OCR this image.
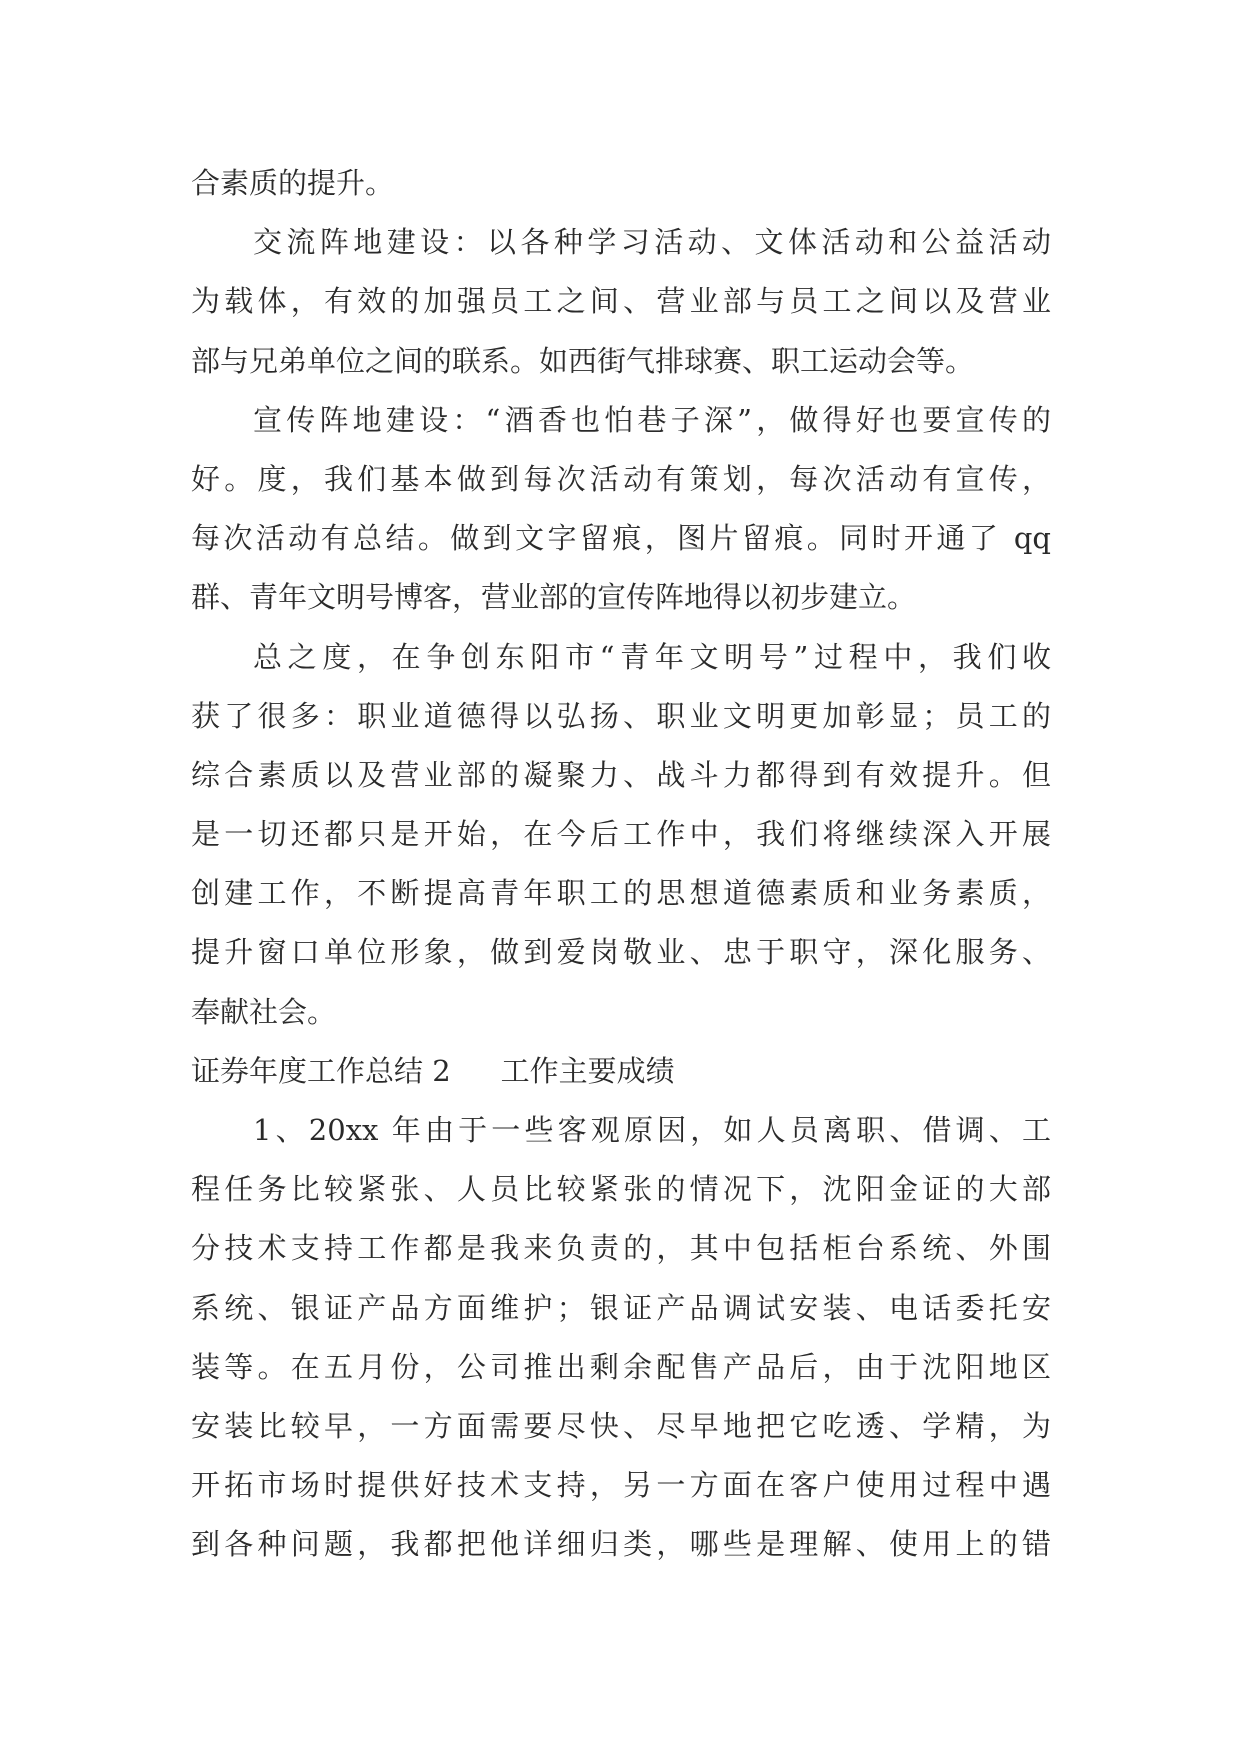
合素质的提升。
交流阵地建设：以各种学习活动、文体活动和公益活动
为载体，有效的加强员工之间、营业部与员工之间以及营业
部与兄弟单位之间的联系。如西街气排球赛、职工运动会等。
宣传阵地建设：“酒香也怕巷子深”，做得好也要宣传的
好。度，我们基本做到每次活动有策划，每次活动有宣传，
每次活动有总结。做到文字留痕，图片留痕。同时开通了 qq
群、青年文明号博客，营业部的宣传阵地得以初步建立。
总之度，在争创东阳市“青年文明号”过程中，我们收
获了很多：职业道德得以弘扬、职业文明更加彰显；员工的
综合素质以及营业部的凝聚力、战斗力都得到有效提升。但
是一切还都只是开始，在今后工作中，我们将继续深入开展
创建工作，不断提高青年职工的思想道德素质和业务素质，
提升窗口单位形象，做到爱岗敬业、忠于职守，深化服务、
奉献社会。
证券年度工作总结 2 工作主要成绩
1、20xx 年由于一些客观原因，如人员离职、借调、工
程任务比较紧张、人员比较紧张的情况下，沈阳金证的大部
分技术支持工作都是我来负责的，其中包括柜台系统、外围
系统、银证产品方面维护；银证产品调试安装、电话委托安
装等。在五月份，公司推出剩余配售产品后，由于沈阳地区
安装比较早，一方面需要尽快、尽早地把它吃透、学精，为
开拓市场时提供好技术支持，另一方面在客户使用过程中遇
到各种问题，我都把他详细归类，哪些是理解、使用上的错
